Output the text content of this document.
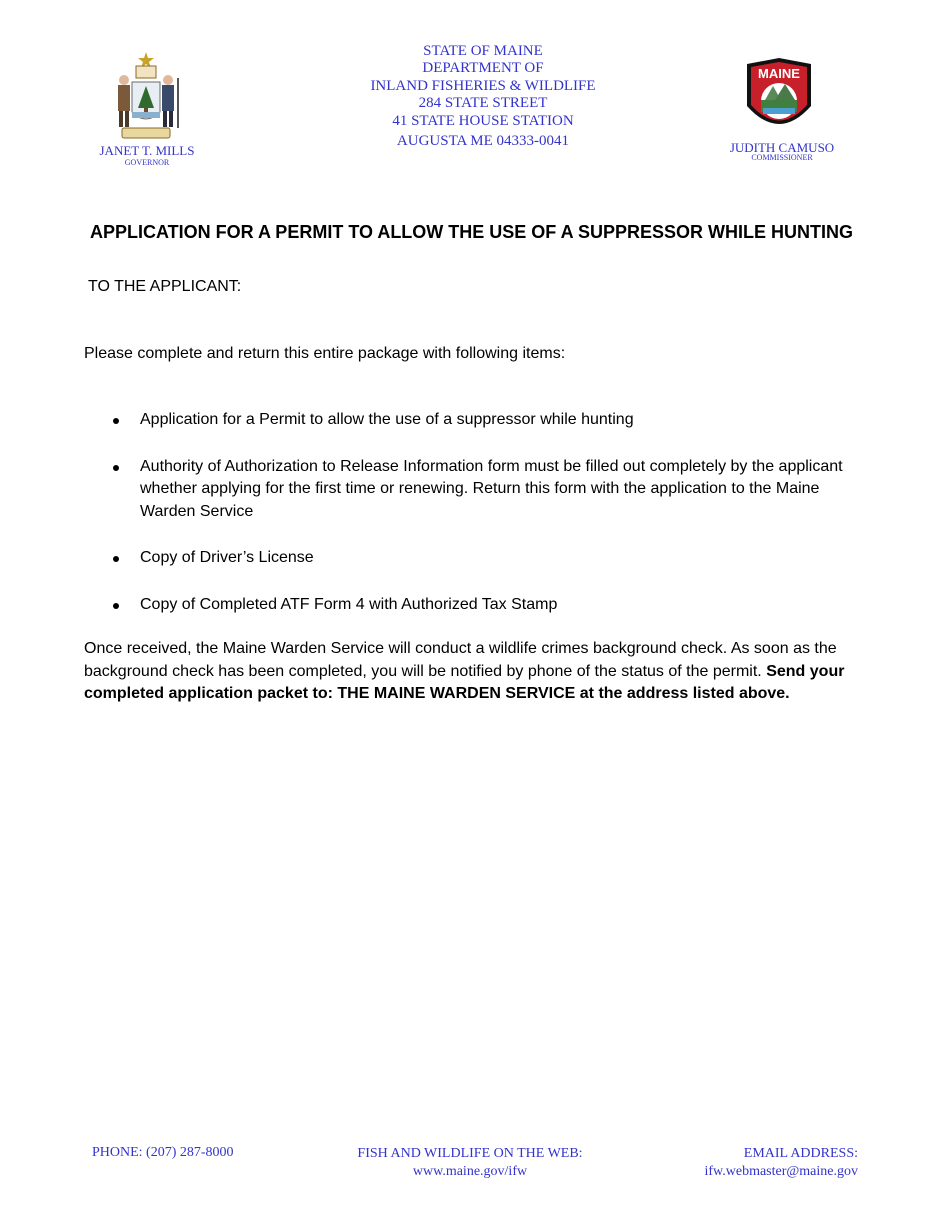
JANET T. MILLS
GOVERNOR
STATE OF MAINE
DEPARTMENT OF
INLAND FISHERIES & WILDLIFE
284 STATE STREET
41 STATE HOUSE STATION
AUGUSTA ME 04333-0041
MAINE
JUDITH CAMUSO
COMMISSIONER
APPLICATION FOR A PERMIT TO ALLOW THE USE OF A SUPPRESSOR WHILE HUNTING
TO THE APPLICANT:
Please complete and return this entire package with following items:
Application for a Permit to allow the use of a suppressor while hunting
Authority of Authorization to Release Information form must be filled out completely by the applicant whether applying for the first time or renewing. Return this form with the application to the Maine Warden Service
Copy of Driver’s License
Copy of Completed ATF Form 4 with Authorized Tax Stamp
Once received, the Maine Warden Service will conduct a wildlife crimes background check. As soon as the background check has been completed, you will be notified by phone of the status of the permit. Send your completed application packet to: THE MAINE WARDEN SERVICE at the address listed above.
PHONE: (207) 287-8000	FISH AND WILDLIFE ON THE WEB:
www.maine.gov/ifw
EMAIL ADDRESS:
ifw.webmaster@maine.gov
